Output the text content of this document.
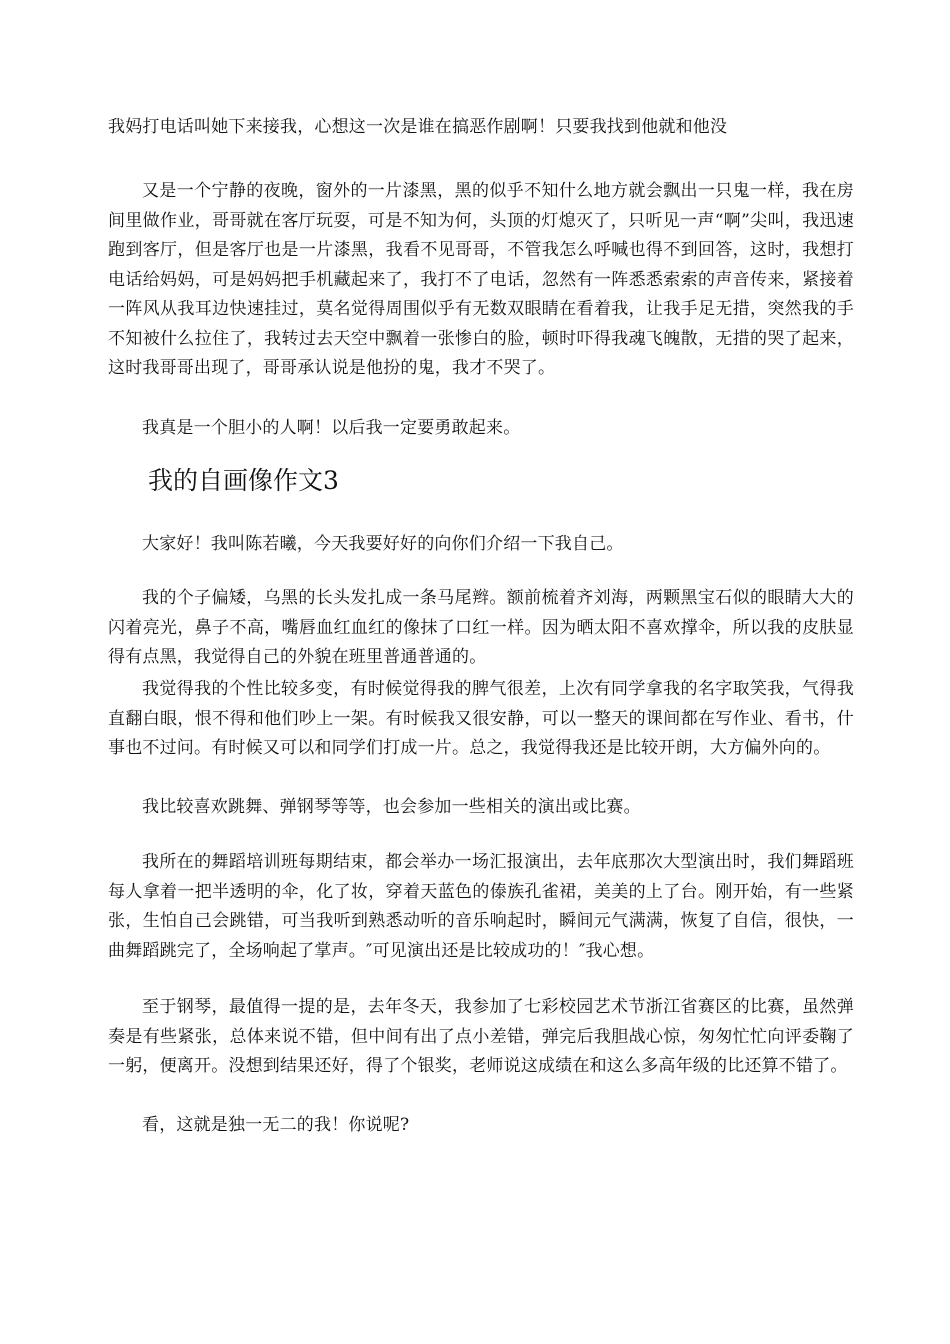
我妈打电话叫她下来接我，心想这一次是谁在搞恶作剧啊！只要我找到他就和他没

又是一个宁静的夜晚，窗外的一片漆黑，黑的似乎不知什么地方就会飘出一只鬼一样，我在房间里做作业，哥哥就在客厅玩耍，可是不知为何，头顶的灯熄灭了，只听见一声“啊”尖叫，我迅速跑到客厅，但是客厅也是一片漆黑，我看不见哥哥，不管我怎么呼喊也得不到回答，这时，我想打电话给妈妈，可是妈妈把手机藏起来了，我打不了电话，忽然有一阵悉悉索索的声音传来，紧接着一阵风从我耳边快速挂过，莫名觉得周围似乎有无数双眼睛在看着我，让我手足无措，突然我的手不知被什么拉住了，我转过去天空中飘着一张惨白的脸，顿时吓得我魂飞魄散，无措的哭了起来，这时我哥哥出现了，哥哥承认说是他扮的鬼，我才不哭了。

我真是一个胆小的人啊！以后我一定要勇敢起来。

我的自画像作文3

大家好！我叫陈若曦，今天我要好好的向你们介绍一下我自己。

我的个子偏矮，乌黑的长头发扎成一条马尾辫。额前梳着齐刘海，两颗黑宝石似的眼睛大大的闪着亮光，鼻子不高，嘴唇血红血红的像抹了口红一样。因为晒太阳不喜欢撑伞，所以我的皮肤显得有点黑，我觉得自己的外貌在班里普通普通的。

我觉得我的个性比较多变，有时候觉得我的脾气很差，上次有同学拿我的名字取笑我，气得我直翻白眼，恨不得和他们吵上一架。有时候我又很安静，可以一整天的课间都在写作业、看书，什事也不过问。有时候又可以和同学们打成一片。总之，我觉得我还是比较开朗，大方偏外向的。

我比较喜欢跳舞、弹钢琴等等，也会参加一些相关的演出或比赛。

我所在的舞蹈培训班每期结束，都会举办一场汇报演出，去年底那次大型演出时，我们舞蹈班每人拿着一把半透明的伞，化了妆，穿着天蓝色的傣族孔雀裙，美美的上了台。刚开始，有一些紧张，生怕自己会跳错，可当我听到熟悉动听的音乐响起时，瞬间元气满满，恢复了自信，很快，一曲舞蹈跳完了，全场响起了掌声。″可见演出还是比较成功的！″我心想。

至于钢琴，最值得一提的是，去年冬天，我参加了七彩校园艺术节浙江省赛区的比赛，虽然弹奏是有些紧张，总体来说不错，但中间有出了点小差错，弹完后我胆战心惊，匆匆忙忙向评委鞠了一躬，便离开。没想到结果还好，得了个银奖，老师说这成绩在和这么多高年级的比还算不错了。

看，这就是独一无二的我！你说呢?
